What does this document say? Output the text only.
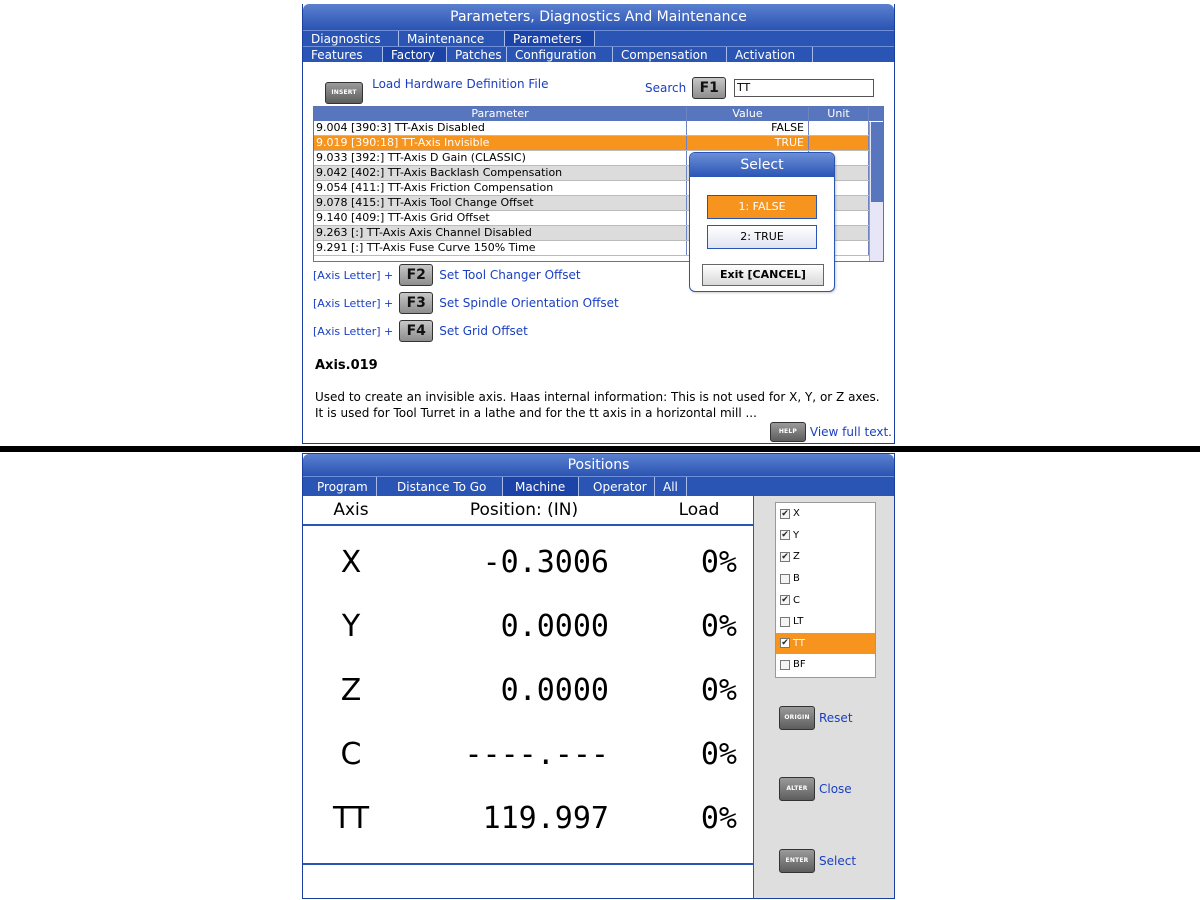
Parameters, Diagnostics And Maintenance
Diagnostics	Maintenance	Parameters
Features	Factory	Patches	Configuration	Compensation	Activation
INSERT $^{Load Hardware Definition File}$	Search F1	TT
Parameter	Value	Unit
9.004 [390:3] TT-Axis Disabled	FALSE
9.019 [390:18] TT-Axis Invisible	TRUE
9.033 [392:] TT-Axis D Gain (CLASSIC)
9.042 [402:] TT-Axis Backlash Compensation
9.054 [411:] TT-Axis Friction Compensation
9.078 [415:] TT-Axis Tool Change Offset
9.140 [409:] TT-Axis Grid Offset
9.263 [:] TT-Axis Axis Channel Disabled
9.291 [:] TT-Axis Fuse Curve 150% Time
Select
1: FALSE
2: TRUE
Exit [CANCEL]
[Axis Letter] + F2	Set Tool Changer Offset
[Axis Letter] + F3	Set Spindle Orientation Offset
[Axis Letter] + F4	Set Grid Offset
Axis.019
Used to create an invisible axis. Haas internal information: This is not used for X, Y, or Z axes. It is used for Tool Turret in a lathe and for the tt axis in a horizontal mill ...
HELP	View full text.
Positions
Program	Distance To Go	Machine	Operator	All
Axis	Position: (IN)	Load
X	-0.3006	0%
Y	0.0000	0%
Z	0.0000	0%
C	----.---	0%
TT	119.997	0%
✔ X
✔ Y
✔ Z
B
✔ C
LT
✔ TT
BF
ORIGIN Reset
ALTER Close
ENTER Select
